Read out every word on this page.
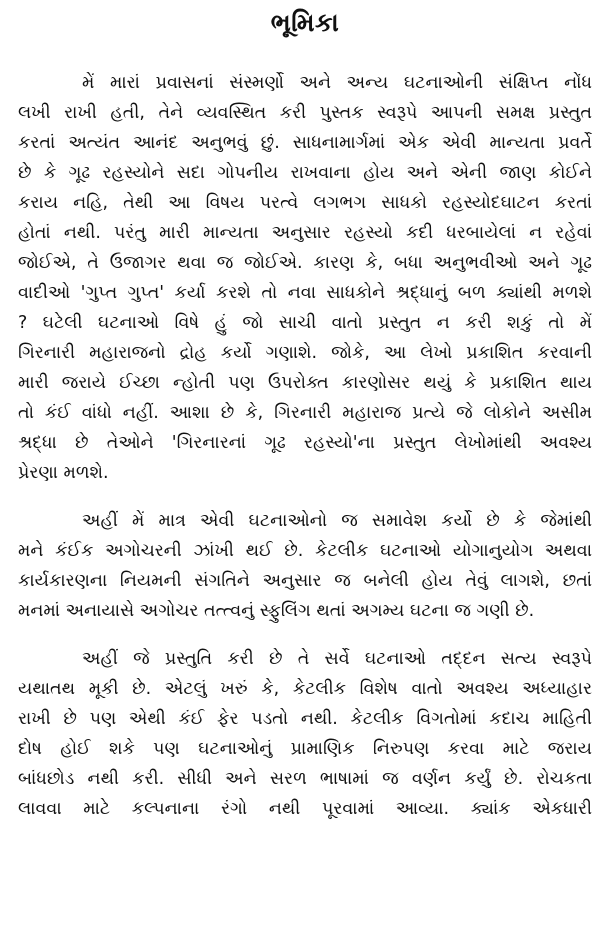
ભૂમિકા
મેં મારાં પ્રવાસનાં સંસ્મર્ણો અને અન્ય ઘટનાઓની સંક્ષિપ્ત નોંધ
લખી રાખી હતી, તેને વ્યવસ્થિત કરી પુસ્તક સ્વરૂપે આપની સમક્ષ પ્રસ્તુત
કરતાં અત્યંત આનંદ અનુભવું છું. સાધનામાર્ગમાં એક એવી માન્યતા પ્રવર્તે
છે કે ગૂઢ રહસ્યોને સદા ગોપનીય રાખવાના હોય અને એની જાણ કોઈને
કરાય નહિ, તેથી આ વિષય પરત્વે લગભગ સાધકો રહસ્યોદઘાટન કરતાં
હોતાં નથી. પરંતુ મારી માન્યતા અનુસાર રહસ્યો કદી ધરબાયેલાં ન રહેવાં
જોઈએ, તે ઉજાગર થવા જ જોઈએ. કારણ કે, બધા અનુભવીઓ અને ગૂઢ
વાદીઓ 'ગુપ્ત ગુપ્ત' કર્યા કરશે તો નવા સાધકોને શ્રદ્ધાનું બળ ક્યાંથી મળશે
? ઘટેલી ઘટનાઓ વિષે હું જો સાચી વાતો પ્રસ્તુત ન કરી શકું તો મેં
ગિરનારી મહારાજનો દ્રોહ કર્યો ગણાશે. જોકે, આ લેખો પ્રકાશિત કરવાની
મારી જરાયે ઈચ્છા ન્હોતી પણ ઉપરોક્ત કારણોસર થયું કે પ્રકાશિત થાય
તો કંઈ વાંધો નહીં. આશા છે કે, ગિરનારી મહારાજ પ્રત્યે જે લોકોને અસીમ
શ્રદ્ધા છે તેઓને 'ગિરનારનાં ગૂઢ રહસ્યો'ના પ્રસ્તુત લેખોમાંથી અવશ્ય
પ્રેરણા મળશે.
અહીં મેં માત્ર એવી ઘટનાઓનો જ સમાવેશ કર્યો છે કે જેમાંથી
મને કંઈક અગોચરની ઝાંખી થઈ છે. કેટલીક ઘટનાઓ યોગાનુયોગ અથવા
કાર્યકારણના નિયમની સંગતિને અનુસાર જ બનેલી હોય તેવું લાગશે, છતાં
મનમાં અનાયાસે અગોચર તત્ત્વનું સ્ફુલિંગ થતાં અગમ્ય ઘટના જ ગણી છે.
અહીં જે પ્રસ્તુતિ કરી છે તે સર્વે ઘટનાઓ તદ્દન સત્ય સ્વરૂપે
યથાતથ મૂકી છે. એટલું ખરું કે, કેટલીક વિશેષ વાતો અવશ્ય અધ્યાહાર
રાખી છે પણ એથી કંઈ ફેર પડતો નથી. કેટલીક વિગતોમાં કદાચ માહિતી
દોષ હોઈ શકે પણ ઘટનાઓનું પ્રામાણિક નિરુપણ કરવા માટે જરાય
બાંધછોડ નથી કરી. સીધી અને સરળ ભાષામાં જ વર્ણન કર્યું છે. રોચકતા
લાવવા માટે કલ્પનાના રંગો નથી પૂરવામાં આવ્યા. ક્યાંક એકધારી
